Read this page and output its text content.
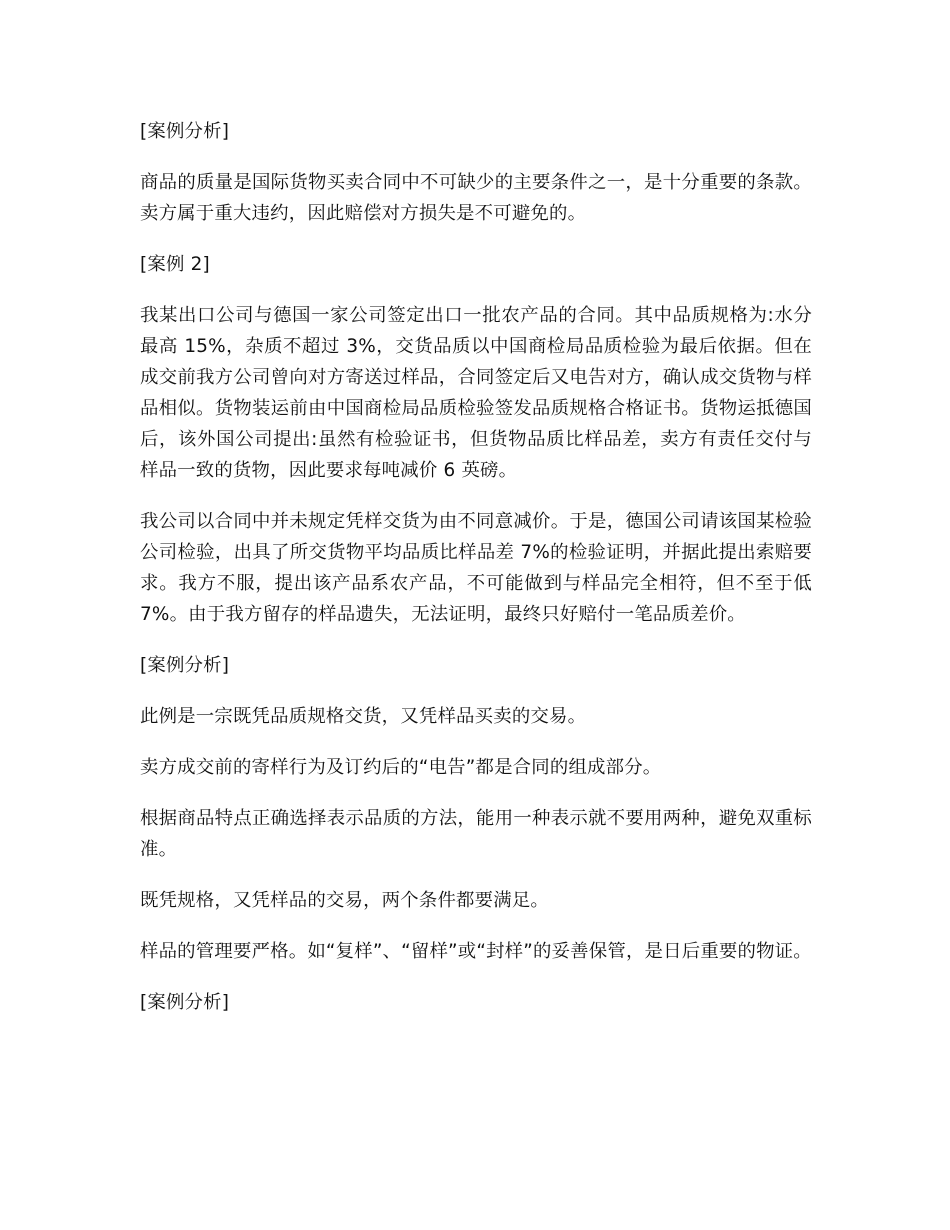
[案例分析]

商品的质量是国际货物买卖合同中不可缺少的主要条件之一，是十分重要的条款。卖方属于重大违约，因此赔偿对方损失是不可避免的。

[案例 2]

我某出口公司与德国一家公司签定出口一批农产品的合同。其中品质规格为:水分最高 15%，杂质不超过 3%，交货品质以中国商检局品质检验为最后依据。但在成交前我方公司曾向对方寄送过样品，合同签定后又电告对方，确认成交货物与样品相似。货物装运前由中国商检局品质检验签发品质规格合格证书。货物运抵德国后，该外国公司提出:虽然有检验证书，但货物品质比样品差，卖方有责任交付与样品一致的货物，因此要求每吨减价 6 英磅。

我公司以合同中并未规定凭样交货为由不同意减价。于是，德国公司请该国某检验公司检验，出具了所交货物平均品质比样品差 7%的检验证明，并据此提出索赔要求。我方不服，提出该产品系农产品，不可能做到与样品完全相符，但不至于低 7%。由于我方留存的样品遗失，无法证明，最终只好赔付一笔品质差价。

[案例分析]

此例是一宗既凭品质规格交货，又凭样品买卖的交易。

卖方成交前的寄样行为及订约后的“电告”都是合同的组成部分。

根据商品特点正确选择表示品质的方法，能用一种表示就不要用两种，避免双重标准。

既凭规格，又凭样品的交易，两个条件都要满足。

样品的管理要严格。如“复样”、“留样”或“封样”的妥善保管，是日后重要的物证。

[案例分析]
